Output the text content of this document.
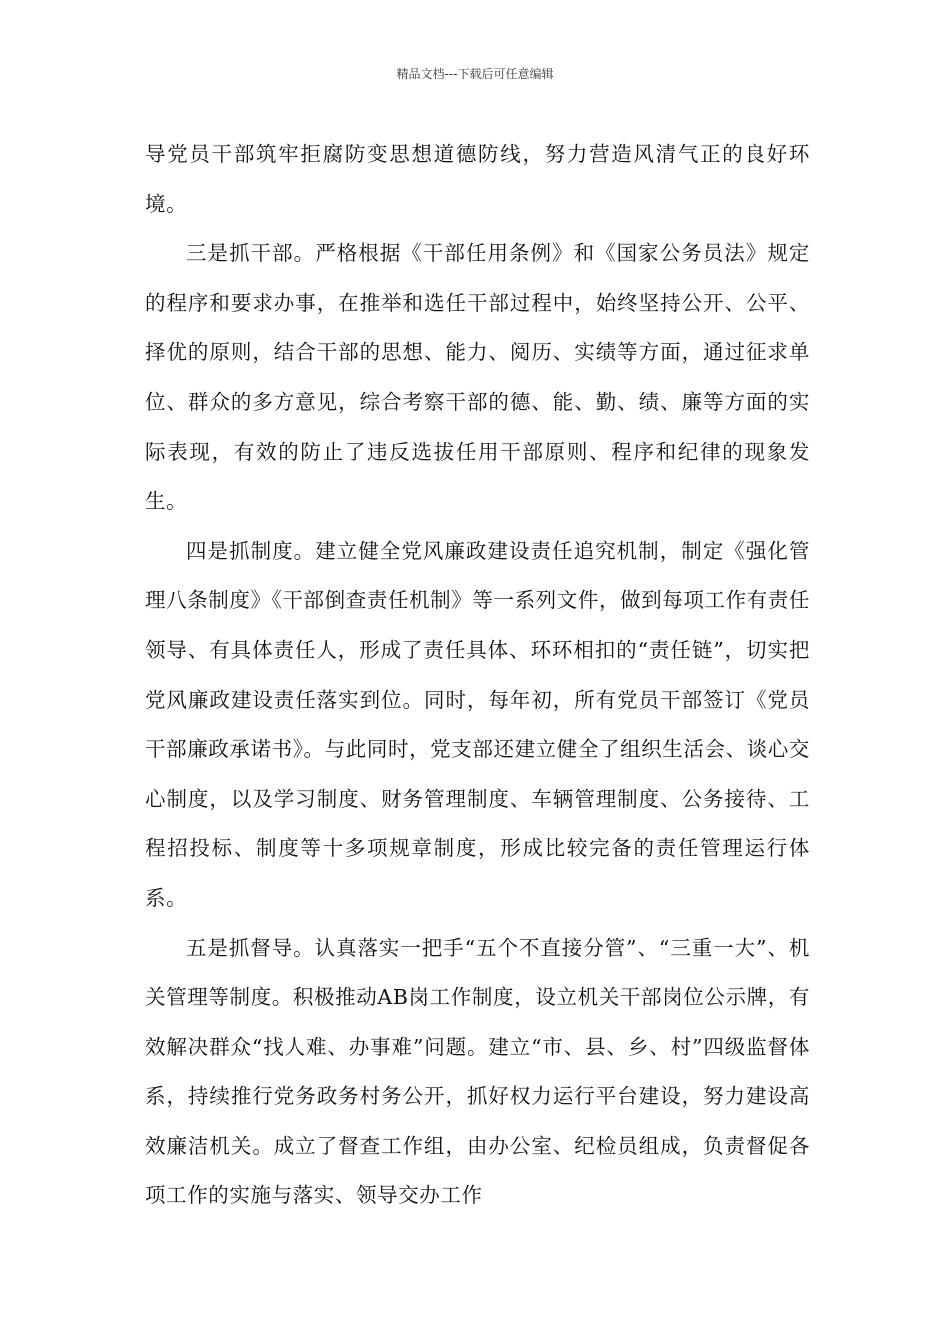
精品文档---下载后可任意编辑

导党员干部筑牢拒腐防变思想道德防线，努力营造风清气正的良好环境。

三是抓干部。严格根据《干部任用条例》和《国家公务员法》规定的程序和要求办事，在推举和选任干部过程中，始终坚持公开、公平、择优的原则，结合干部的思想、能力、阅历、实绩等方面，通过征求单位、群众的多方意见，综合考察干部的德、能、勤、绩、廉等方面的实际表现，有效的防止了违反选拔任用干部原则、程序和纪律的现象发生。

四是抓制度。建立健全党风廉政建设责任追究机制，制定《强化管理八条制度》《干部倒查责任机制》等一系列文件，做到每项工作有责任领导、有具体责任人，形成了责任具体、环环相扣的“责任链”，切实把党风廉政建设责任落实到位。同时，每年初，所有党员干部签订《党员干部廉政承诺书》。与此同时，党支部还建立健全了组织生活会、谈心交心制度，以及学习制度、财务管理制度、车辆管理制度、公务接待、工程招投标、制度等十多项规章制度，形成比较完备的责任管理运行体系。

五是抓督导。认真落实一把手“五个不直接分管”、“三重一大”、机关管理等制度。积极推动AB岗工作制度，设立机关干部岗位公示牌，有效解决群众“找人难、办事难”问题。建立“市、县、乡、村”四级监督体系，持续推行党务政务村务公开，抓好权力运行平台建设，努力建设高效廉洁机关。成立了督查工作组，由办公室、纪检员组成，负责督促各项工作的实施与落实、领导交办工作
